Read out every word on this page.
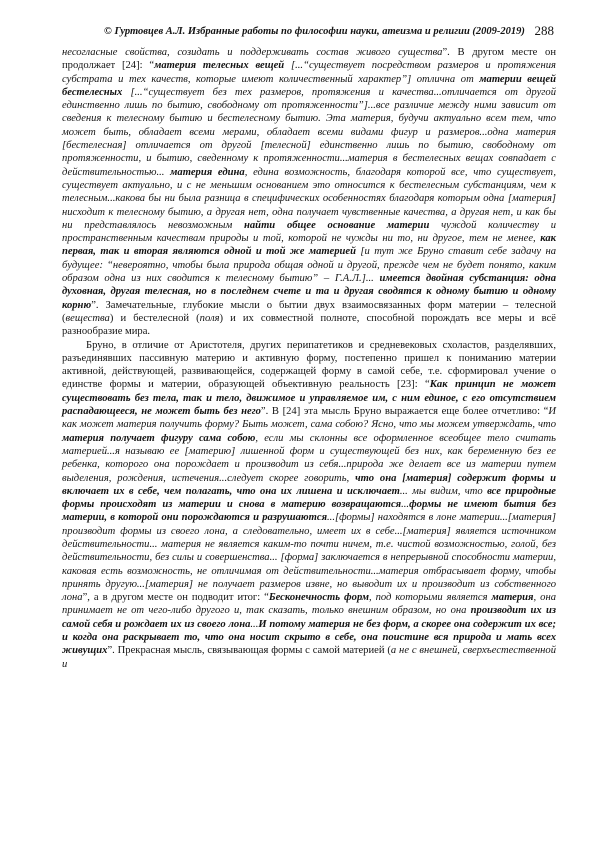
© Гуртовцев А.Л. Избранные работы по философии науки, атеизма и религии (2009-2019) 288

несогласные свойства, созидать и поддерживать состав живого существа”. В другом месте он продолжает [24]: “материя телесных вещей [...“существует посредством размеров и протяжения субстрата и тех качеств, которые имеют количественный характер”] отлична от материи вещей бестелесных [...“существует без тех размеров, протяжения и качества...отличается от другой единственно лишь по бытию, свободному от протяженности”]...все различие между ними зависит от сведения к телесному бытию и бестелесному бытию. Эта материя, будучи актуально всем тем, что может быть, обладает всеми мерами, обладает всеми видами фигур и размеров...одна материя [бестелесная] отличается от другой [телесной] единственно лишь по бытию, свободному от протяженности, и бытию, сведенному к протяженности...материя в бестелесных вещах совпадает с действительностью... материя едина, едина возможность, благодаря которой все, что существует, существует актуально, и с не меньшим основанием это относится к бестелесным субстанциям, чем к телесным...какова бы ни была разница в специфических особенностях благодаря которым одна [материя] нисходит к телесному бытию, а другая нет, одна получает чувственные качества, а другая нет, и как бы ни представлялось невозможным найти общее основание материи чуждой количеству и пространственным качествам природы и той, которой не чужды ни то, ни другое, тем не менее, как первая, так и вторая являются одной и той же материей [и тут же Бруно ставит себе задачу на будущее: “невероятно, чтобы была природа общая одной и другой, прежде чем не будет понято, каким образом одна из них сводится к телесному бытию” – Г.А.Л.]... имеется двойная субстанция: одна духовная, другая телесная, но в последнем счете и та и другая сводятся к одному бытию и одному корню”. Замечательные, глубокие мысли о бытии двух взаимосвязанных форм материи – телесной (вещества) и бестелесной (поля) и их совместной полноте, способной порождать все меры и всё разнообразие мира.

Бруно, в отличие от Аристотеля, других перипатетиков и средневековых схоластов, разделявших, разъединявших пассивную материю и активную форму, постепенно пришел к пониманию материи активной, действующей, развивающейся, содержащей форму в самой себе, т.е. сформировал учение о единстве формы и материи, образующей объективную реальность [23]: “Как принцип не может существовать без тела, так и тело, движимое и управляемое им, с ним единое, с его отсутствием распадающееся, не может быть без него”. В [24] эта мысль Бруно выражается еще более отчетливо: “И как может материя получить форму? Быть может, сама собою? Ясно, что мы можем утверждать, что материя получает фигуру сама собою, если мы склонны все оформленное всеобщее тело считать материей...я называю ее [материю] лишенной форм и существующей без них, как беременную без ее ребенка, которого она порождает и производит из себя...природа же делает все из материи путем выделения, рождения, истечения...следует скорее говорить, что она [материя] содержит формы и включает их в себе, чем полагать, что она их лишена и исключает... мы видим, что все природные формы происходят из материи и снова в материю возвращаются...формы не имеют бытия без материи, в которой они порождаются и разрушаются...[формы] находятся в лоне материи...[материя] производит формы из своего лона, а следовательно, имеет их в себе...[материя] является источником действительности... материя не является каким-то почти ничем, т.е. чистой возможностью, голой, без действительности, без силы и совершенства... [форма] заключается в непрерывной способности материи, каковая есть возможность, не отличимая от действительности...материя отбрасывает форму, чтобы принять другую...[материя] не получает размеров извне, но выводит их и производит из собственного лона”, а в другом месте он подводит итог: “Бесконечность форм, под которыми является материя, она принимает не от чего-либо другого и, так сказать, только внешним образом, но она производит их из самой себя и рождает их из своего лона...И потому материя не без форм, а скорее она содержит их все; и когда она раскрывает то, что она носит скрыто в себе, она поистине вся природа и мать всех живущих”. Прекрасная мысль, связывающая формы с самой материей (а не с внешней, сверхъестественной и
